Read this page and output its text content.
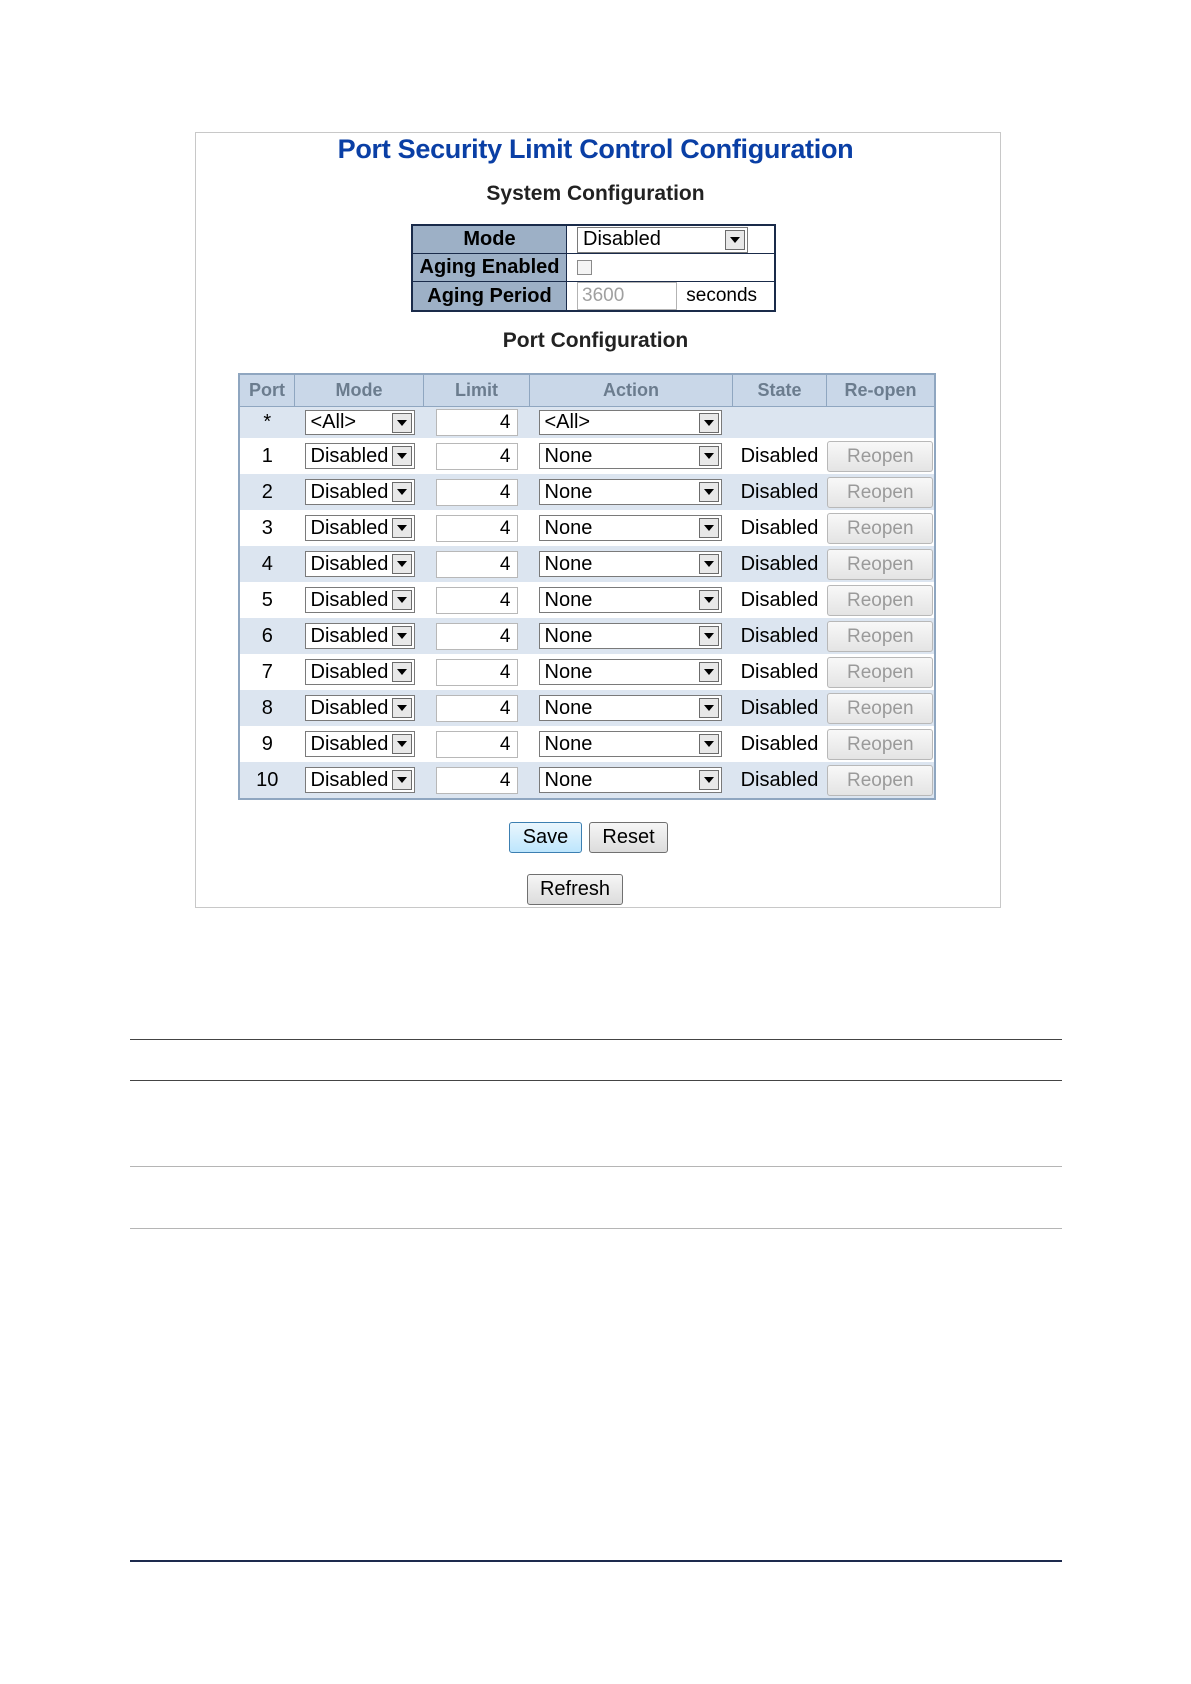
Port Security Limit Control Configuration
System Configuration
Mode	Disabled

Aging Enabled	
Aging Period	3600 seconds
Port Configuration
Port	Mode	Limit	Action	State	Re-open
*	<All>	4	<All>		

1	Disabled	4	None	Disabled	Reopen
2	Disabled	4	None	Disabled	Reopen
3	Disabled	4	None	Disabled	Reopen
4	Disabled	4	None	Disabled	Reopen
5	Disabled	4	None	Disabled	Reopen
6	Disabled	4	None	Disabled	Reopen
7	Disabled	4	None	Disabled	Reopen
8	Disabled	4	None	Disabled	Reopen
9	Disabled	4	None	Disabled	Reopen
10	Disabled	4	None	Disabled	Reopen
Save	Reset
Refresh
